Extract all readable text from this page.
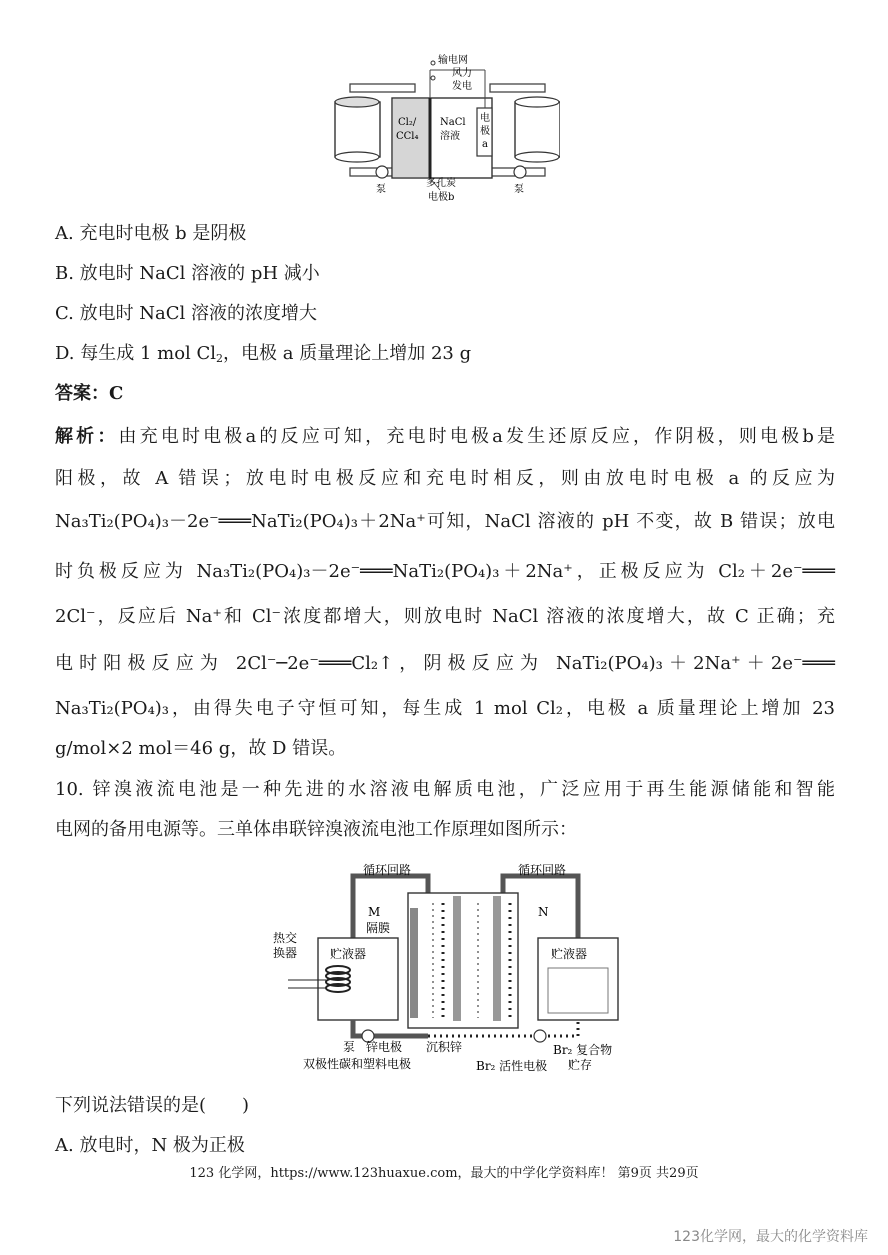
输电网
风力
发电
Cl₂/
CCl₄
NaCl
溶液
电
极
a
泵	泵
多孔炭
电极b
A. 充电时电极 b 是阴极
B. 放电时 NaCl 溶液的 pH 减小
C. 放电时 NaCl 溶液的浓度增大
D. 每生成 1 mol $Cl_2$，电极 a 质量理论上增加 23 g
答案：C
解析：由充电时电极a的反应可知，充电时电极a发生还原反应，作阴极，则电极b是
阳极，故 A 错误；放电时电极反应和充电时相反，则由放电时电极 a 的反应为
Na₃Ti₂(PO₄)₃－2e⁻═══NaTi₂(PO₄)₃＋2Na⁺可知，NaCl 溶液的 pH 不变，故 B 错误；放电
时负极反应为 Na₃Ti₂(PO₄)₃－2e⁻═══NaTi₂(PO₄)₃＋2Na⁺，正极反应为 Cl₂＋2e⁻═══
2Cl⁻，反应后 Na⁺和 Cl⁻浓度都增大，则放电时 NaCl 溶液的浓度增大，故 C 正确；充
电时阳极反应为 2Cl⁻─2e⁻═══Cl₂↑，阴极反应为 NaTi₂(PO₄)₃＋2Na⁺＋2e⁻═══
Na₃Ti₂(PO₄)₃，由得失电子守恒可知，每生成 1 mol Cl₂，电极 a 质量理论上增加 23
g/mol×2 mol＝46 g，故 D 错误。
10. 锌溴液流电池是一种先进的水溶液电解质电池，广泛应用于再生能源储能和智能
电网的备用电源等。三单体串联锌溴液流电池工作原理如图所示：
循环回路	循环回路
M	N
隔膜
热交
换器	贮液器	贮液器
泵 锌电极 沉积锌
双极性碳和塑料电极	Br₂ 活性电极
Br₂ 复合物
贮存
下列说法错误的是(　　)
A. 放电时，N 极为正极
123 化学网，https://www.123huaxue.com，最大的中学化学资料库！ 第9页 共29页
123化学网，最大的化学资料库
